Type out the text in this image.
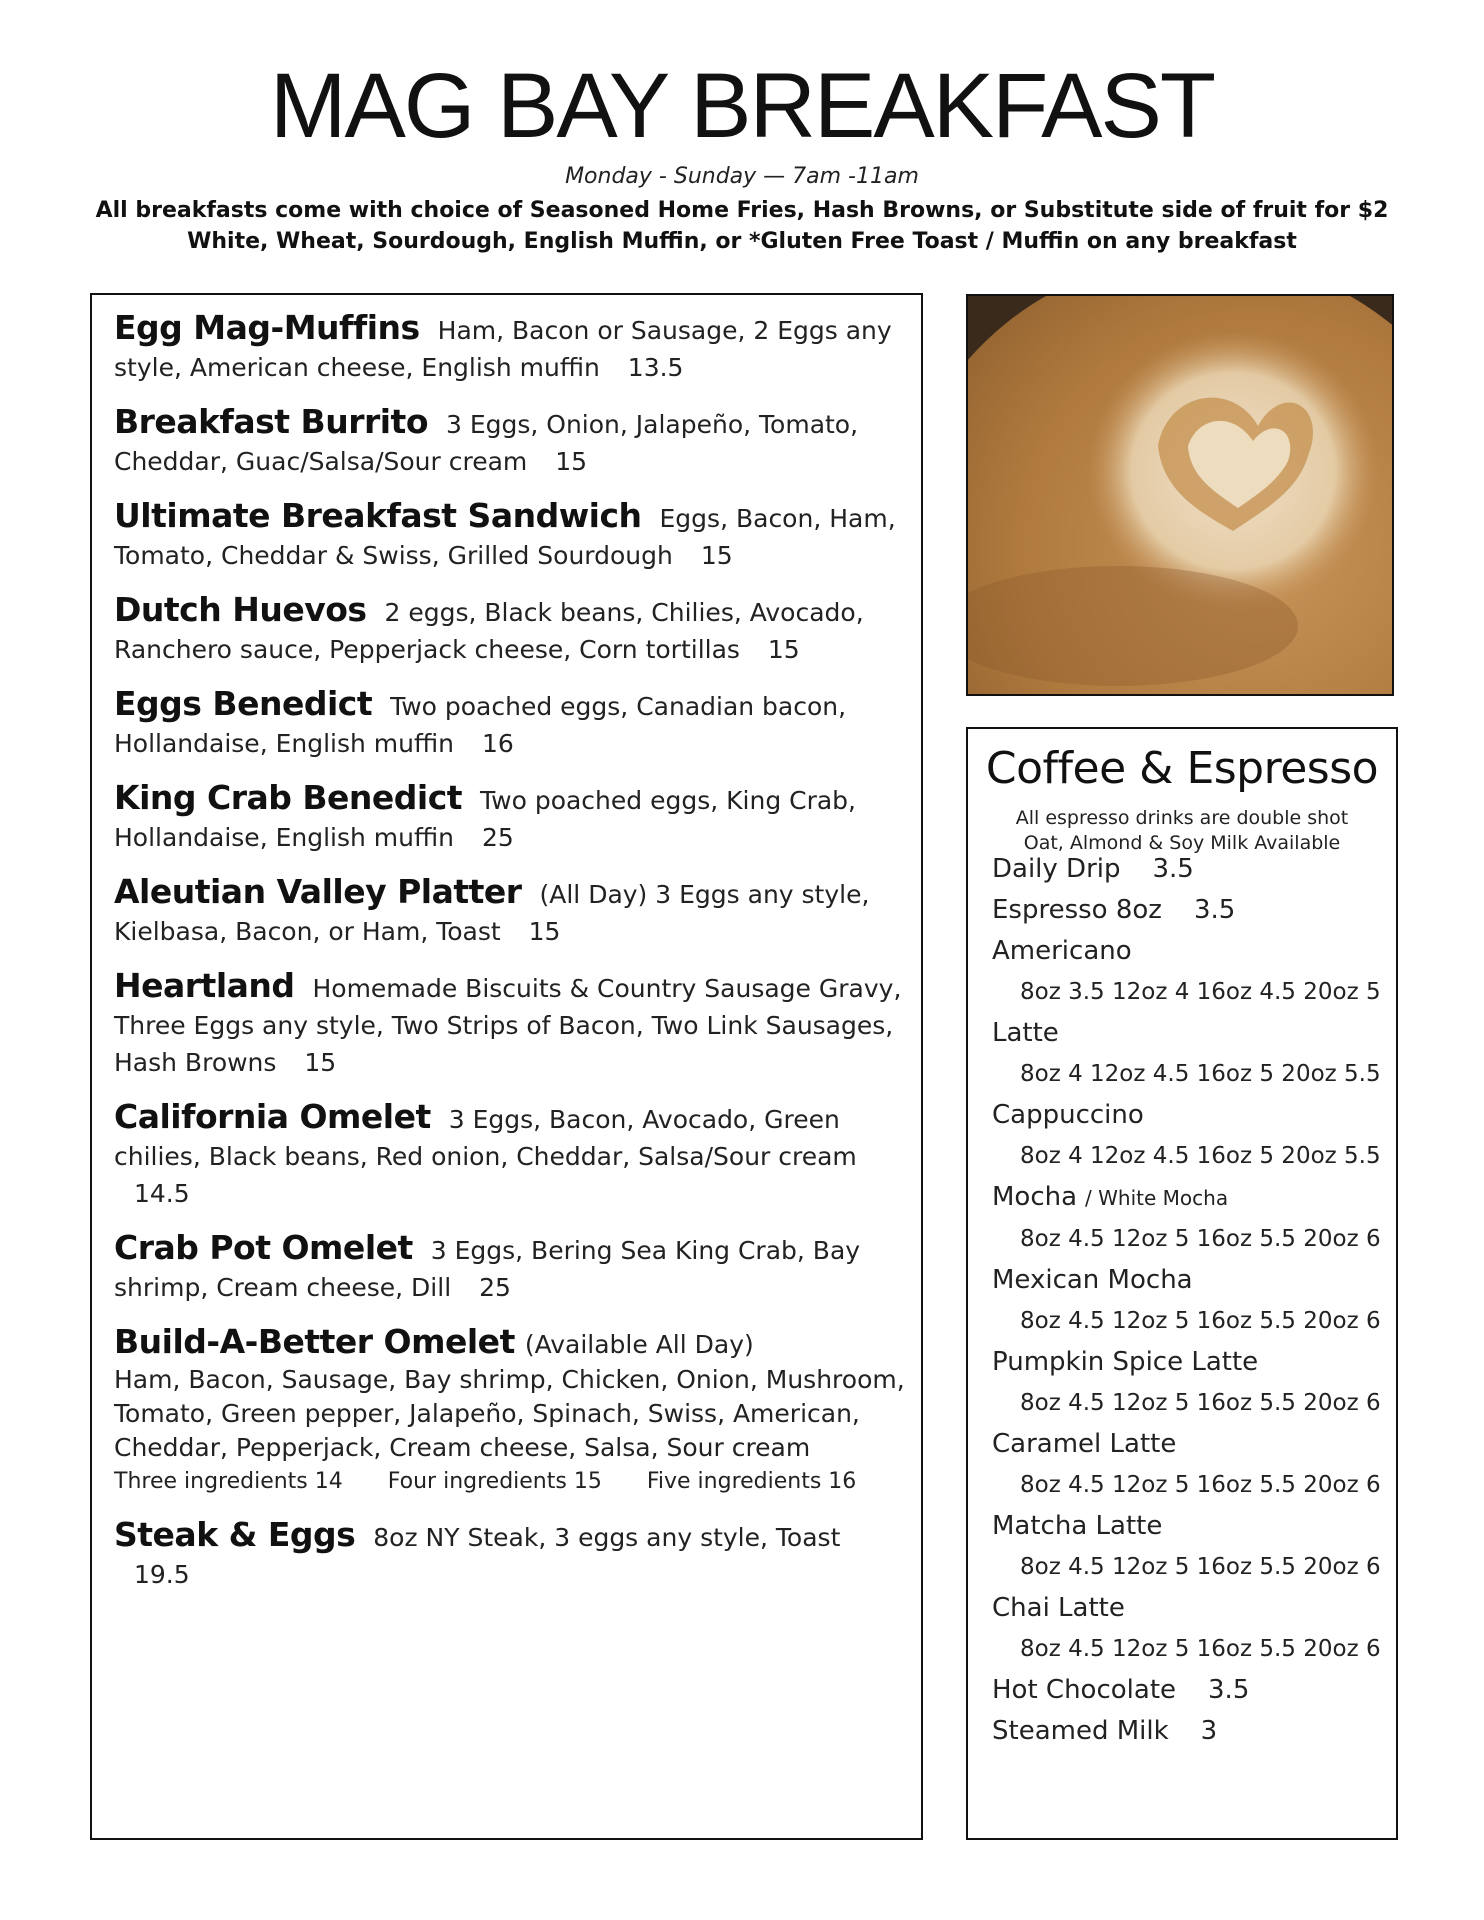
MAG BAY BREAKFAST
Monday - Sunday — 7am -11am
All breakfasts come with choice of Seasoned Home Fries, Hash Browns, or Substitute side of fruit for $2
White, Wheat, Sourdough, English Muffin, or *Gluten Free Toast / Muffin on any breakfast
Egg Mag-Muffins Ham, Bacon or Sausage, 2 Eggs any style, American cheese, English muffin 13.5
Breakfast Burrito 3 Eggs, Onion, Jalapeño, Tomato, Cheddar, Guac/Salsa/Sour cream 15
Ultimate Breakfast Sandwich Eggs, Bacon, Ham, Tomato, Cheddar & Swiss, Grilled Sourdough 15
Dutch Huevos 2 eggs, Black beans, Chilies, Avocado, Ranchero sauce, Pepperjack cheese, Corn tortillas 15
Eggs Benedict Two poached eggs, Canadian bacon, Hollandaise, English muffin 16
King Crab Benedict Two poached eggs, King Crab, Hollandaise, English muffin 25
Aleutian Valley Platter (All Day) 3 Eggs any style, Kielbasa, Bacon, or Ham, Toast 15
Heartland Homemade Biscuits & Country Sausage Gravy, Three Eggs any style, Two Strips of Bacon, Two Link Sausages, Hash Browns 15
California Omelet 3 Eggs, Bacon, Avocado, Green chilies, Black beans, Red onion, Cheddar, Salsa/Sour cream 14.5
Crab Pot Omelet 3 Eggs, Bering Sea King Crab, Bay shrimp, Cream cheese, Dill 25
Build-A-Better Omelet (Available All Day)
Ham, Bacon, Sausage, Bay shrimp, Chicken, Onion, Mushroom, Tomato, Green pepper, Jalapeño, Spinach, Swiss, American, Cheddar, Pepperjack, Cream cheese, Salsa, Sour cream
Three ingredients 14 Four ingredients 15 Five ingredients 16
Steak & Eggs 8oz NY Steak, 3 eggs any style, Toast 19.5
Coffee & Espresso
All espresso drinks are double shot
Oat, Almond & Soy Milk Available
Daily Drip 3.5
Espresso 8oz 3.5
Americano
8oz 3.5 12oz 4 16oz 4.5 20oz 5
Latte
8oz 4 12oz 4.5 16oz 5 20oz 5.5
Cappuccino
8oz 4 12oz 4.5 16oz 5 20oz 5.5
Mocha / White Mocha
8oz 4.5 12oz 5 16oz 5.5 20oz 6
Mexican Mocha
8oz 4.5 12oz 5 16oz 5.5 20oz 6
Pumpkin Spice Latte
8oz 4.5 12oz 5 16oz 5.5 20oz 6
Caramel Latte
8oz 4.5 12oz 5 16oz 5.5 20oz 6
Matcha Latte
8oz 4.5 12oz 5 16oz 5.5 20oz 6
Chai Latte
8oz 4.5 12oz 5 16oz 5.5 20oz 6
Hot Chocolate 3.5
Steamed Milk 3
